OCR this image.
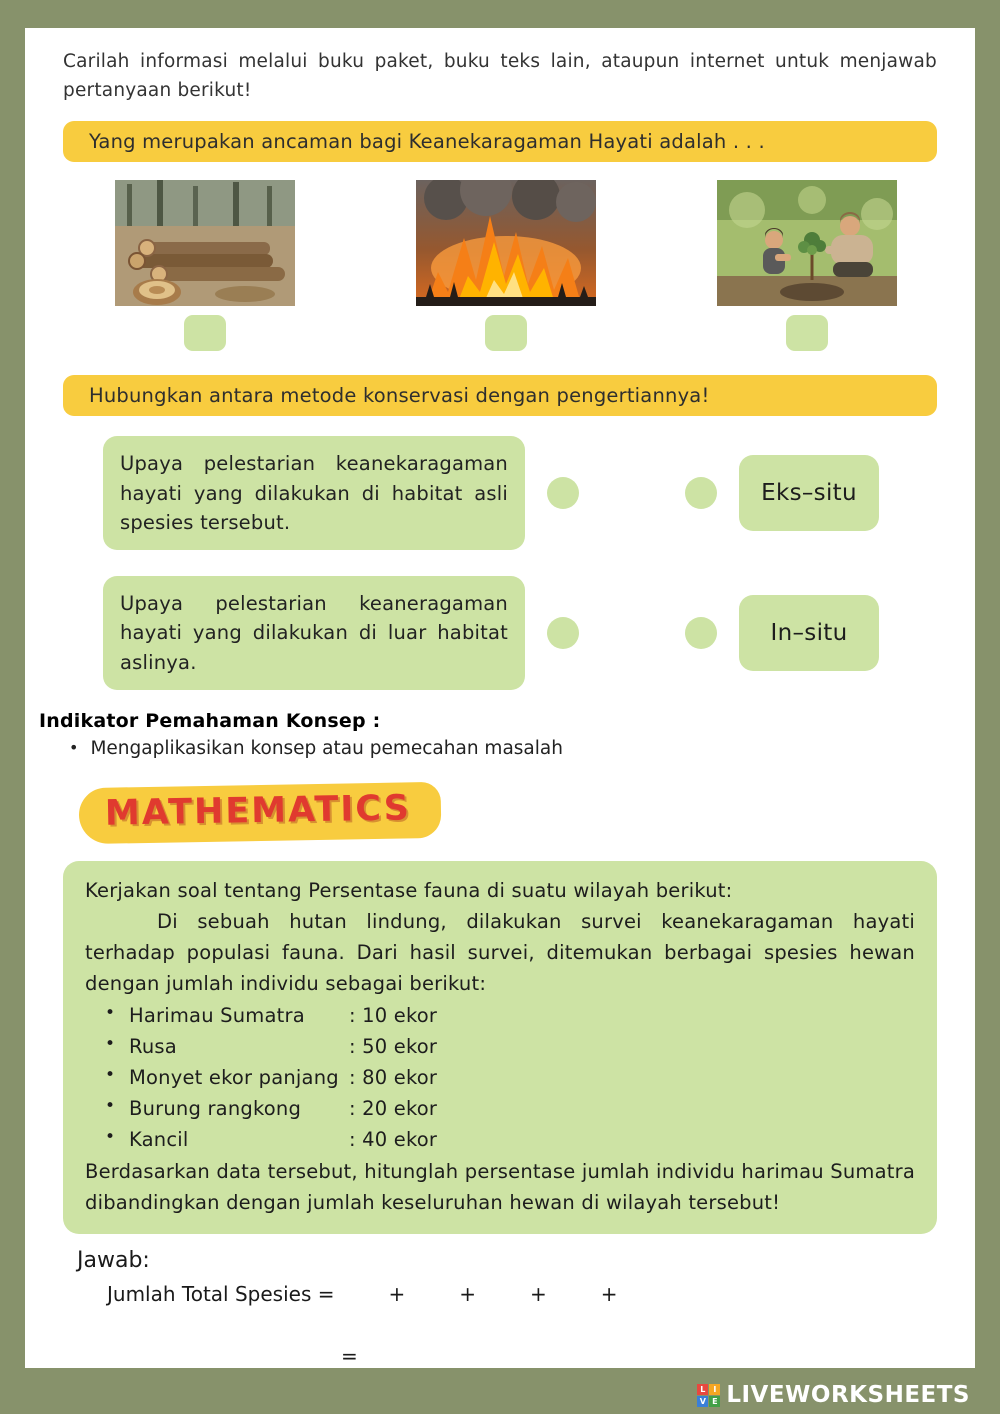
Carilah informasi melalui buku paket, buku teks lain, ataupun internet untuk menjawab pertanyaan berikut!

Yang merupakan ancaman bagi Keanekaragaman Hayati adalah . . .
Hubungkan antara metode konservasi dengan pengertiannya!
Upaya pelestarian keanekaragaman hayati yang dilakukan di habitat asli spesies tersebut.
Eks–situ
Upaya pelestarian keaneragaman hayati yang dilakukan di luar habitat aslinya.
In–situ
Indikator Pemahaman Konsep :
• Mengaplikasikan konsep atau pemecahan masalah
MATHEMATICS

Kerjakan soal tentang Persentase fauna di suatu wilayah berikut:

Di sebuah hutan lindung, dilakukan survei keanekaragaman hayati terhadap populasi fauna. Dari hasil survei, ditemukan berbagai spesies hewan dengan jumlah individu sebagai berikut:

• Harimau Sumatra	: 10 ekor
• Rusa	: 50 ekor
• Monyet ekor panjang : 80 ekor
• Burung rangkong	: 20 ekor
• Kancil	: 40 ekor

Berdasarkan data tersebut, hitunglah persentase jumlah individu harimau Sumatra dibandingkan dengan jumlah keseluruhan hewan di wilayah tersebut!

Jawab:
Jumlah Total Spesies =	+	+	+	+
=
L I
V E LIVEWORKSHEETS
